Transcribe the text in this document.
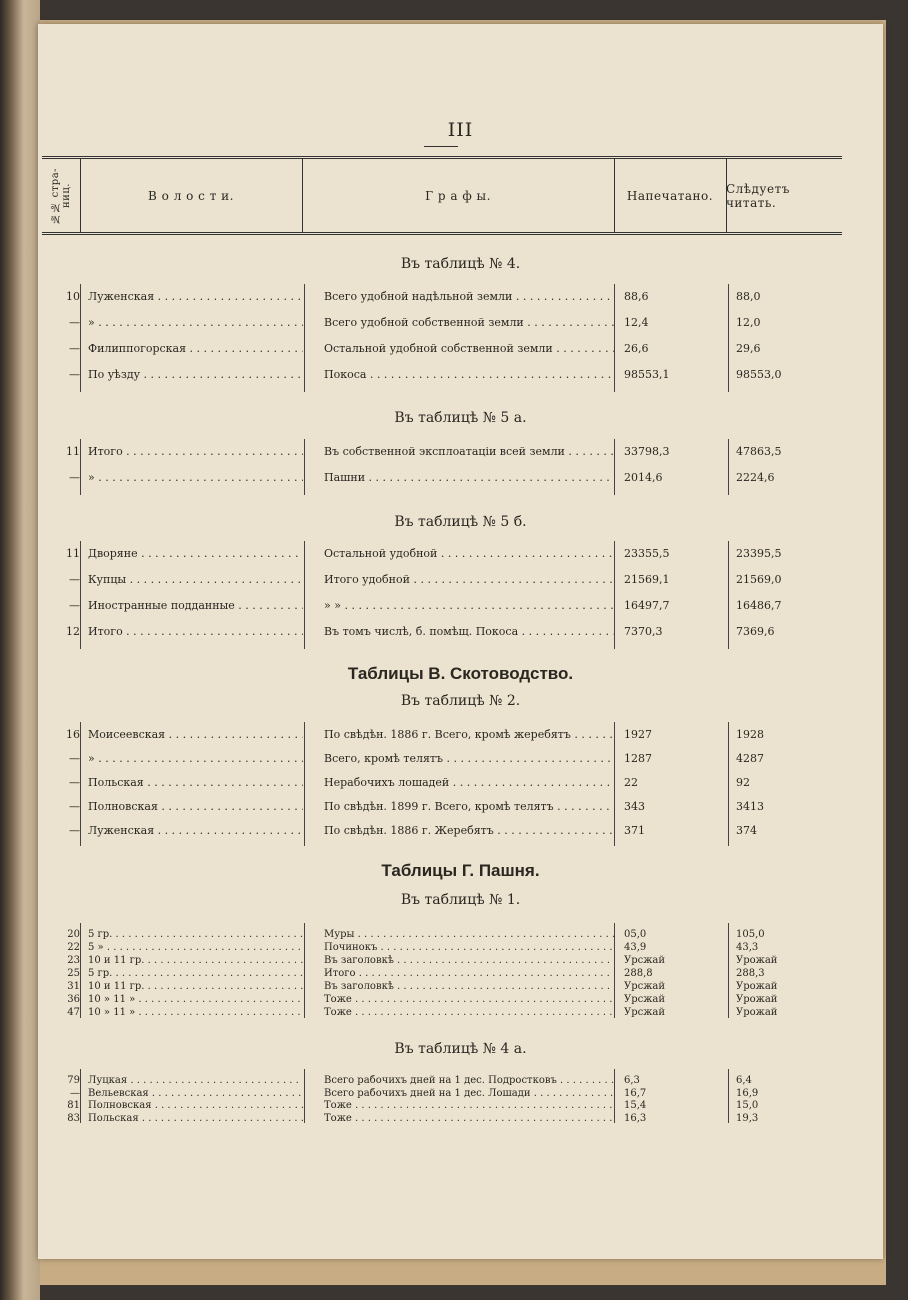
III
№№ стра-ниц.	В о л о с т и.	Г р а ф ы.	Напечатано.	Слѣдуетъ читать.
Въ таблицѣ № 4.
10 Луженская . . .	Всего удобной надѣльной земли . . .	88,6	88,0
— » . . .	Всего удобной собственной земли . . .	12,4	12,0
— Филиппогорская . . .	Остальной удобной собственной земли . . .	26,6	29,6
— По уѣзду . . .	Покоса . . .	98553,1	98553,0
Въ таблицѣ № 5 а.
11 Итого . . .	Въ собственной эксплоатаціи всей земли . . .	33798,3	47863,5
— » . . .	Пашни . . .	2014,6	2224,6
Въ таблицѣ № 5 б.
11 Дворяне . . .	Остальной удобной . . .	23355,5	23395,5
— Купцы . . .	Итого удобной . . .	21569,1	21569,0
— Иностранные подданные . . .	» » . . .	16497,7	16486,7
12 Итого . . .	Въ томъ числѣ, б. помѣщ. Покоса . . .	7370,3	7369,6
Таблицы В. Скотоводство.
Въ таблицѣ № 2.
16 Моисеевская . . .	По свѣдѣн. 1886 г. Всего, кромѣ жеребятъ . . .	1927	1928
— » . . .	Всего, кромѣ телятъ . . .	1287	4287
— Польская . . .	Нерабочихъ лошадей . . .	22	92
— Полновская . . .	По свѣдѣн. 1899 г. Всего, кромѣ телятъ . . .	343	3413
— Луженская . . .	По свѣдѣн. 1886 г. Жеребятъ . . .	371	374
Таблицы Г. Пашня.
Въ таблицѣ № 1.
20 5 гр. . . .	Муры . . .	05,0	105,0
22 5 » . . .	Починокъ . . .	43,9	43,3
23 10 и 11 гр. . . .	Въ заголовкѣ . . .	Урсжай	Урожай
25 5 гр. . . .	Итого . . .	288,8	288,3
31 10 и 11 гр. . . .	Въ заголовкѣ . . .	Урсжай	Урожай
36 10 » 11 » . . .	Тоже . . .	Урсжай	Урожай
47 10 » 11 » . . .	Тоже . . .	Урсжай	Урожай
Въ таблицѣ № 4 а.
79 Луцкая . . .	Всего рабочихъ дней на 1 дес. Подростковъ . . .	6,3	6,4
— Вельевская . . .	Всего рабочихъ дней на 1 дес. Лошади . . .	16,7	16,9
81 Полновская . . .	Тоже . . .	15,4	15,0
83 Польская . . .	Тоже . . .	16,3	19,3
